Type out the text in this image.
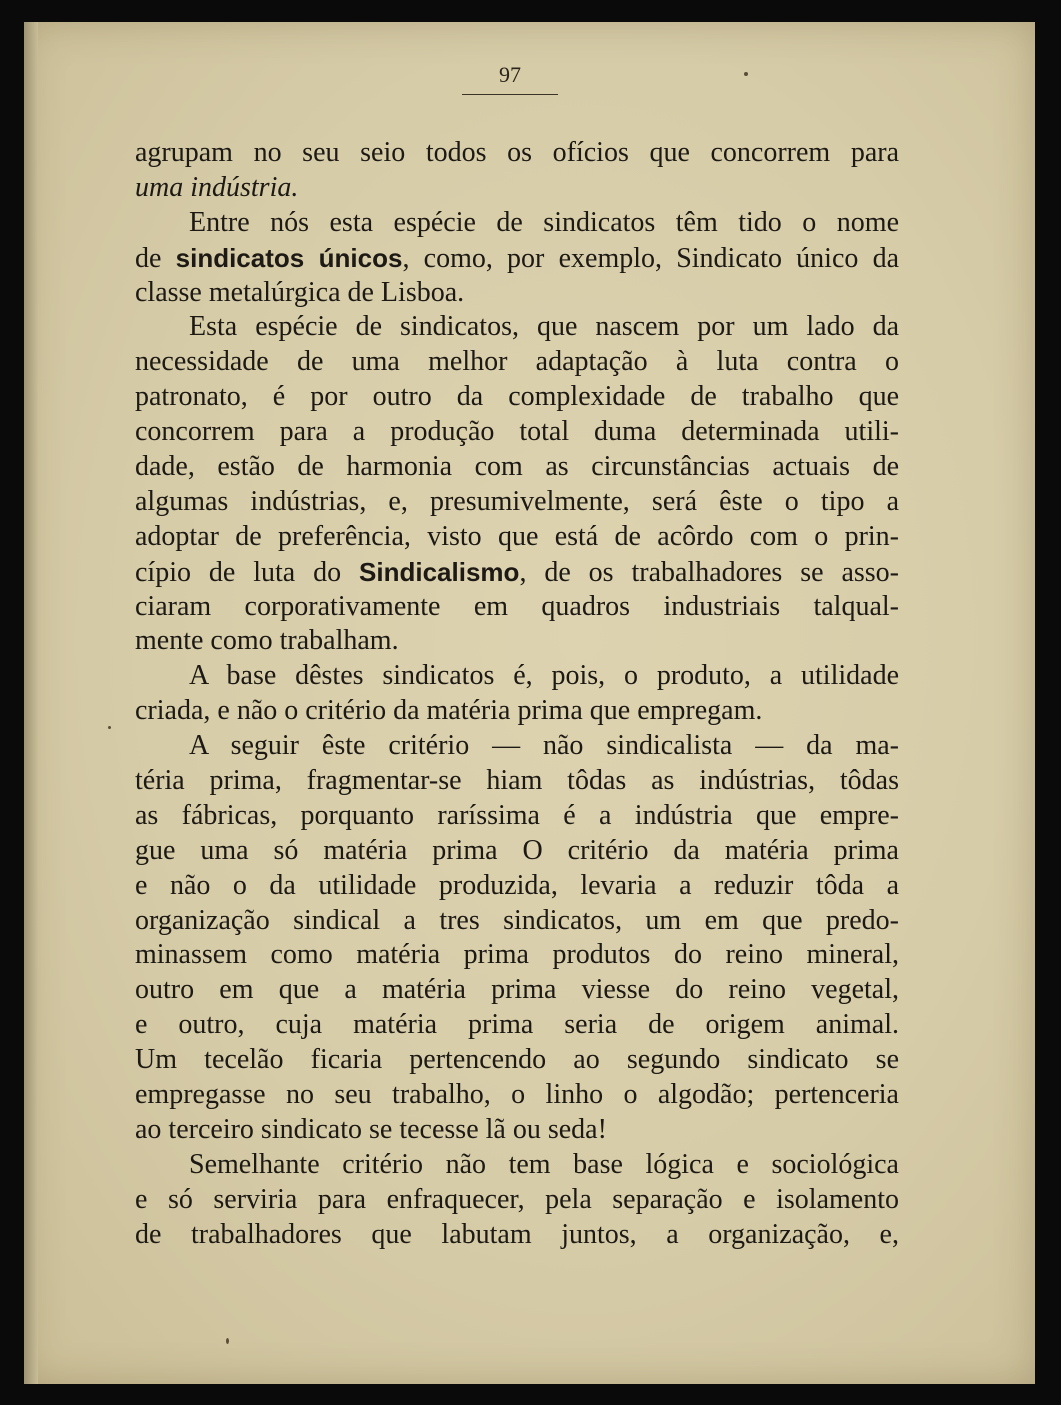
97
agrupam no seu seio todos os ofícios que concorrem para
uma indústria.
Entre nós esta espécie de sindicatos têm tido o nome
de sindicatos únicos, como, por exemplo, Sindicato único da
classe metalúrgica de Lisboa.
Esta espécie de sindicatos, que nascem por um lado da
necessidade de uma melhor adaptação à luta contra o
patronato, é por outro da complexidade de trabalho que
concorrem para a produção total duma determinada utili-
dade, estão de harmonia com as circunstâncias actuais de
algumas indústrias, e, presumivelmente, será êste o tipo a
adoptar de preferência, visto que está de acôrdo com o prin-
cípio de luta do Sindicalismo, de os trabalhadores se asso-
ciaram corporativamente em quadros industriais talqual-
mente como trabalham.
A base dêstes sindicatos é, pois, o produto, a utilidade
criada, e não o critério da matéria prima que empregam.
A seguir êste critério — não sindicalista — da ma-
téria prima, fragmentar-se hiam tôdas as indústrias, tôdas
as fábricas, porquanto raríssima é a indústria que empre-
gue uma só matéria prima O critério da matéria prima
e não o da utilidade produzida, levaria a reduzir tôda a
organização sindical a tres sindicatos, um em que predo-
minassem como matéria prima produtos do reino mineral,
outro em que a matéria prima viesse do reino vegetal,
e outro, cuja matéria prima seria de origem animal.
Um tecelão ficaria pertencendo ao segundo sindicato se
empregasse no seu trabalho, o linho o algodão; pertenceria
ao terceiro sindicato se tecesse lã ou seda!
Semelhante critério não tem base lógica e sociológica
e só serviria para enfraquecer, pela separação e isolamento
de trabalhadores que labutam juntos, a organização, e,
